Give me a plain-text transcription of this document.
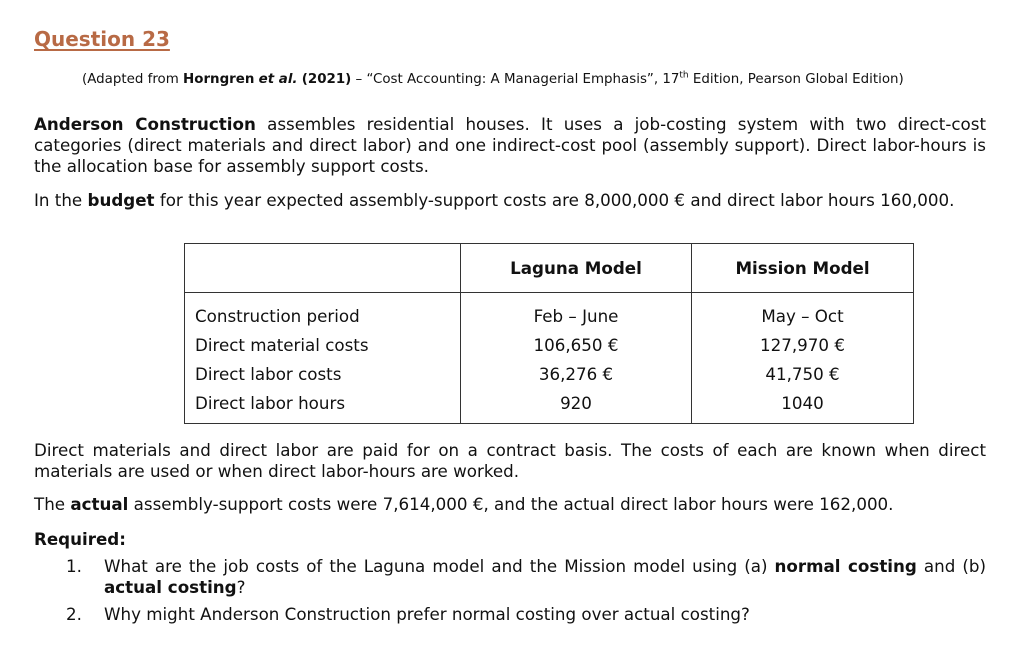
Question 23
(Adapted from Horngren et al. (2021) – “Cost Accounting: A Managerial Emphasis”, 17th Edition, Pearson Global Edition)

Anderson Construction assembles residential houses. It uses a job-costing system with two direct-cost categories (direct materials and direct labor) and one indirect-cost pool (assembly support). Direct labor-hours is the allocation base for assembly support costs.

In the budget for this year expected assembly-support costs are 8,000,000 € and direct labor hours 160,000.

	Laguna Model	Mission Model
Construction period	Feb – June	May – Oct
Direct material costs	106,650 €	127,970 €
Direct labor costs	36,276 €	41,750 €
Direct labor hours	920	1040

Direct materials and direct labor are paid for on a contract basis. The costs of each are known when direct materials are used or when direct labor-hours are worked.

The actual assembly-support costs were 7,614,000 €, and the actual direct labor hours were 162,000.

Required:

1.	What are the job costs of the Laguna model and the Mission model using (a) normal costing and (b) actual costing?
2.	Why might Anderson Construction prefer normal costing over actual costing?
